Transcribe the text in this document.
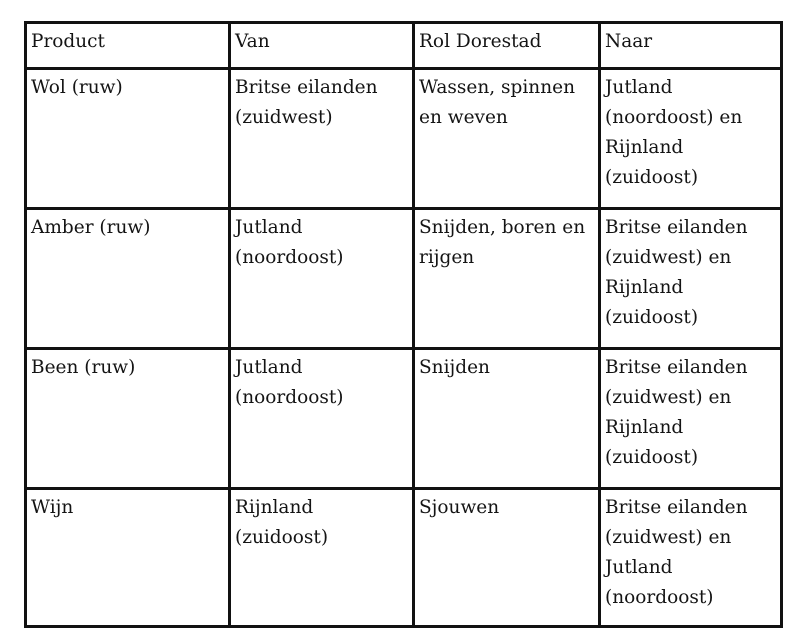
Product	Van	Rol Dorestad	Naar

Wol (ruw)	Britse eilanden (zuidwest)	Wassen, spinnen en weven	Jutland (noordoost) en Rijnland (zuidoost)

Amber (ruw)	Jutland (noordoost)	Snijden, boren en rijgen	Britse eilanden (zuidwest) en Rijnland (zuidoost)

Been (ruw)	Jutland (noordoost)	Snijden	Britse eilanden (zuidwest) en Rijnland (zuidoost)

Wijn	Rijnland (zuidoost)	Sjouwen	Britse eilanden (zuidwest) en Jutland (noordoost)
